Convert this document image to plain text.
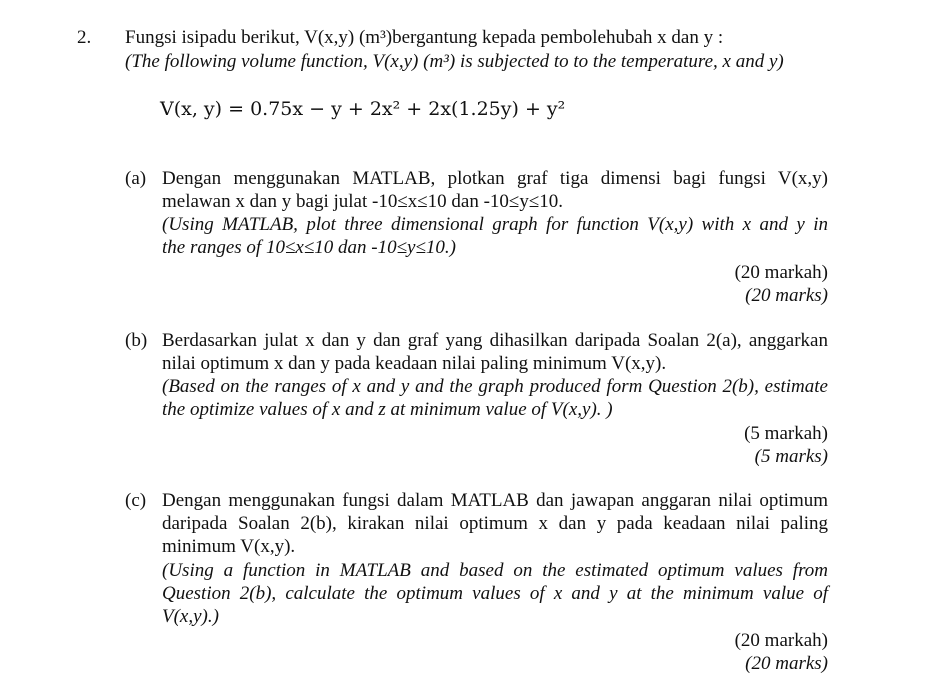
2. Fungsi isipadu berikut, V(x,y) (m³)bergantung kepada pembolehubah x dan y :
(The following volume function, V(x,y) (m³) is subjected to to the temperature, x and y)
V(x, y) = 0.75x − y + 2x² + 2x(1.25y) + y²
(a) Dengan menggunakan MATLAB, plotkan graf tiga dimensi bagi fungsi V(x,y)
melawan x dan y bagi julat -10≤x≤10 dan -10≤y≤10.
(Using MATLAB, plot three dimensional graph for function V(x,y) with x and y in
the ranges of 10≤x≤10 dan -10≤y≤10.)
(20 markah)
(20 marks)
(b) Berdasarkan julat x dan y dan graf yang dihasilkan daripada Soalan 2(a), anggarkan
nilai optimum x dan y pada keadaan nilai paling minimum V(x,y).
(Based on the ranges of x and y and the graph produced form Question 2(b), estimate
the optimize values of x and z at minimum value of V(x,y). )
(5 markah)
(5 marks)
(c) Dengan menggunakan fungsi dalam MATLAB dan jawapan anggaran nilai optimum
daripada Soalan 2(b), kirakan nilai optimum x dan y pada keadaan nilai paling
minimum V(x,y).
(Using a function in MATLAB and based on the estimated optimum values from
Question 2(b), calculate the optimum values of x and y at the minimum value of
V(x,y).)
(20 markah)
(20 marks)
